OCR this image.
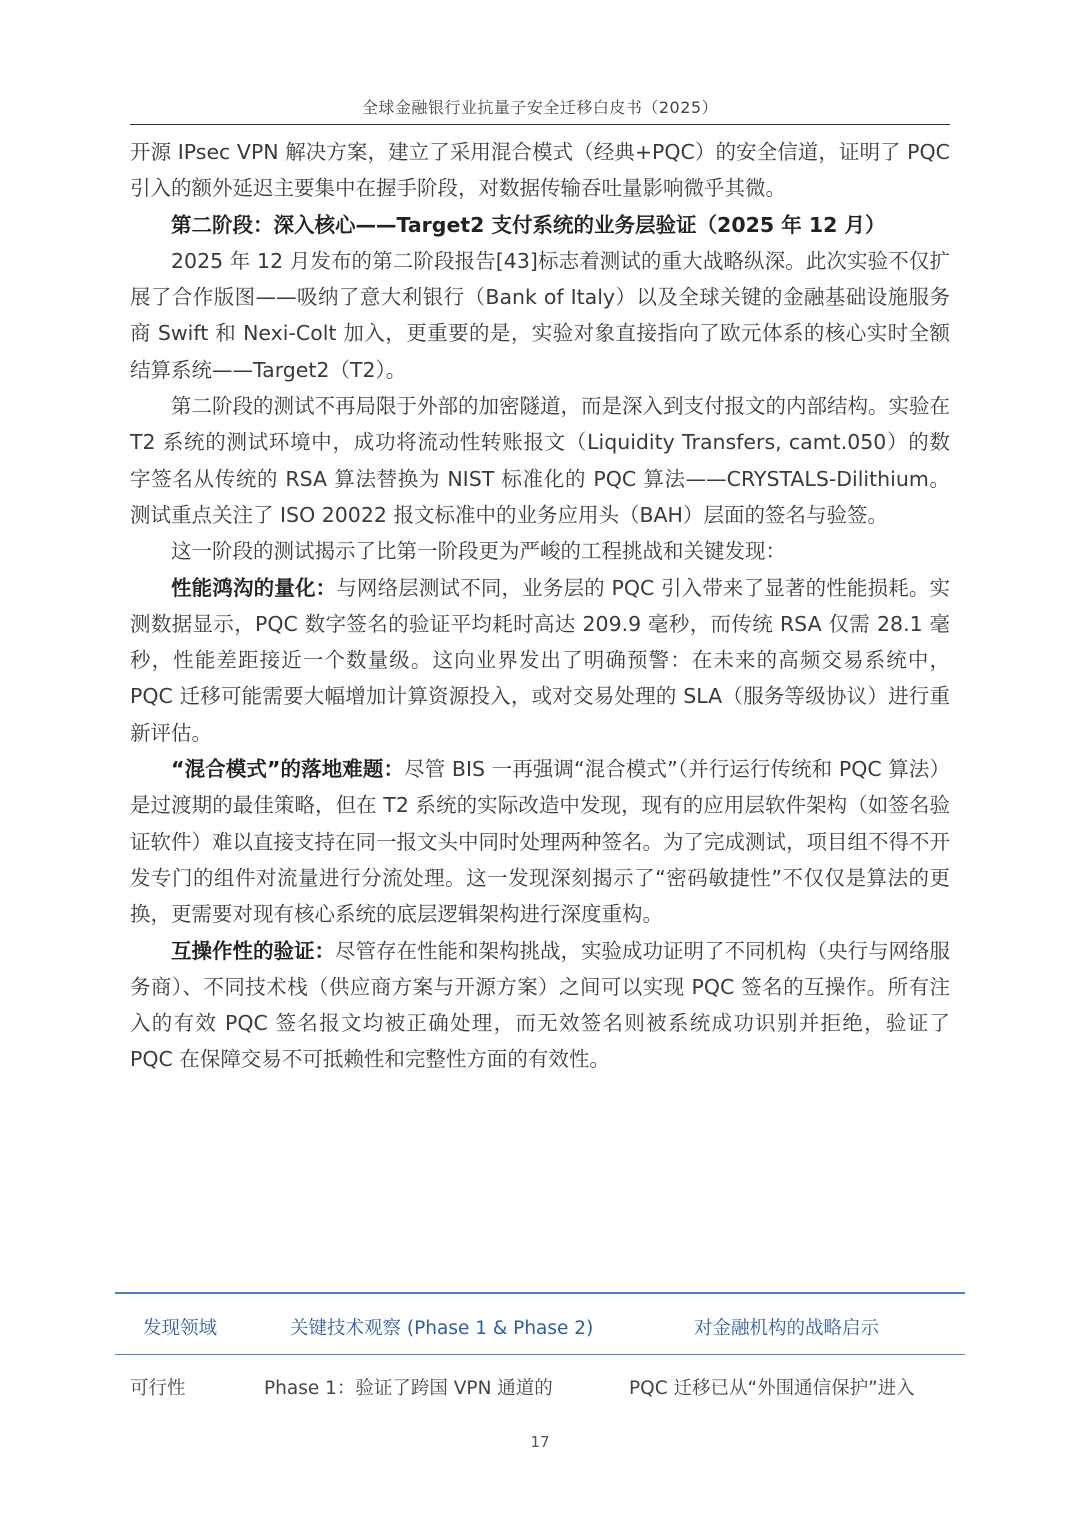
全球金融银行业抗量子安全迁移白皮书（2025）

开源 IPsec VPN 解决方案，建立了采用混合模式（经典+PQC）的安全信道，证明了 PQC 引入的额外延迟主要集中在握手阶段，对数据传输吞吐量影响微乎其微。

第二阶段：深入核心——Target2 支付系统的业务层验证（2025 年 12 月）

2025 年 12 月发布的第二阶段报告[43]标志着测试的重大战略纵深。此次实验不仅扩展了合作版图——吸纳了意大利银行（Bank of Italy）以及全球关键的金融基础设施服务商 Swift 和 Nexi-Colt 加入，更重要的是，实验对象直接指向了欧元体系的核心实时全额结算系统——Target2（T2）。

第二阶段的测试不再局限于外部的加密隧道，而是深入到支付报文的内部结构。实验在 T2 系统的测试环境中，成功将流动性转账报文（Liquidity Transfers, camt.050）的数字签名从传统的 RSA 算法替换为 NIST 标准化的 PQC 算法——CRYSTALS-Dilithium。测试重点关注了 ISO 20022 报文标准中的业务应用头（BAH）层面的签名与验签。

这一阶段的测试揭示了比第一阶段更为严峻的工程挑战和关键发现：

性能鸿沟的量化：与网络层测试不同，业务层的 PQC 引入带来了显著的性能损耗。实测数据显示，PQC 数字签名的验证平均耗时高达 209.9 毫秒，而传统 RSA 仅需 28.1 毫秒，性能差距接近一个数量级。这向业界发出了明确预警：在未来的高频交易系统中，PQC 迁移可能需要大幅增加计算资源投入，或对交易处理的 SLA（服务等级协议）进行重新评估。

“混合模式”的落地难题：尽管 BIS 一再强调“混合模式”（并行运行传统和 PQC 算法）是过渡期的最佳策略，但在 T2 系统的实际改造中发现，现有的应用层软件架构（如签名验证软件）难以直接支持在同一报文头中同时处理两种签名。为了完成测试，项目组不得不开发专门的组件对流量进行分流处理。这一发现深刻揭示了“密码敏捷性”不仅仅是算法的更换，更需要对现有核心系统的底层逻辑架构进行深度重构。

互操作性的验证：尽管存在性能和架构挑战，实验成功证明了不同机构（央行与网络服务商）、不同技术栈（供应商方案与开源方案）之间可以实现 PQC 签名的互操作。所有注入的有效 PQC 签名报文均被正确处理，而无效签名则被系统成功识别并拒绝，验证了 PQC 在保障交易不可抵赖性和完整性方面的有效性。

发现领域	关键技术观察 (Phase 1 & Phase 2)	对金融机构的战略启示
可行性	Phase 1：验证了跨国 VPN 通道的	PQC 迁移已从“外围通信保护”进入
17
